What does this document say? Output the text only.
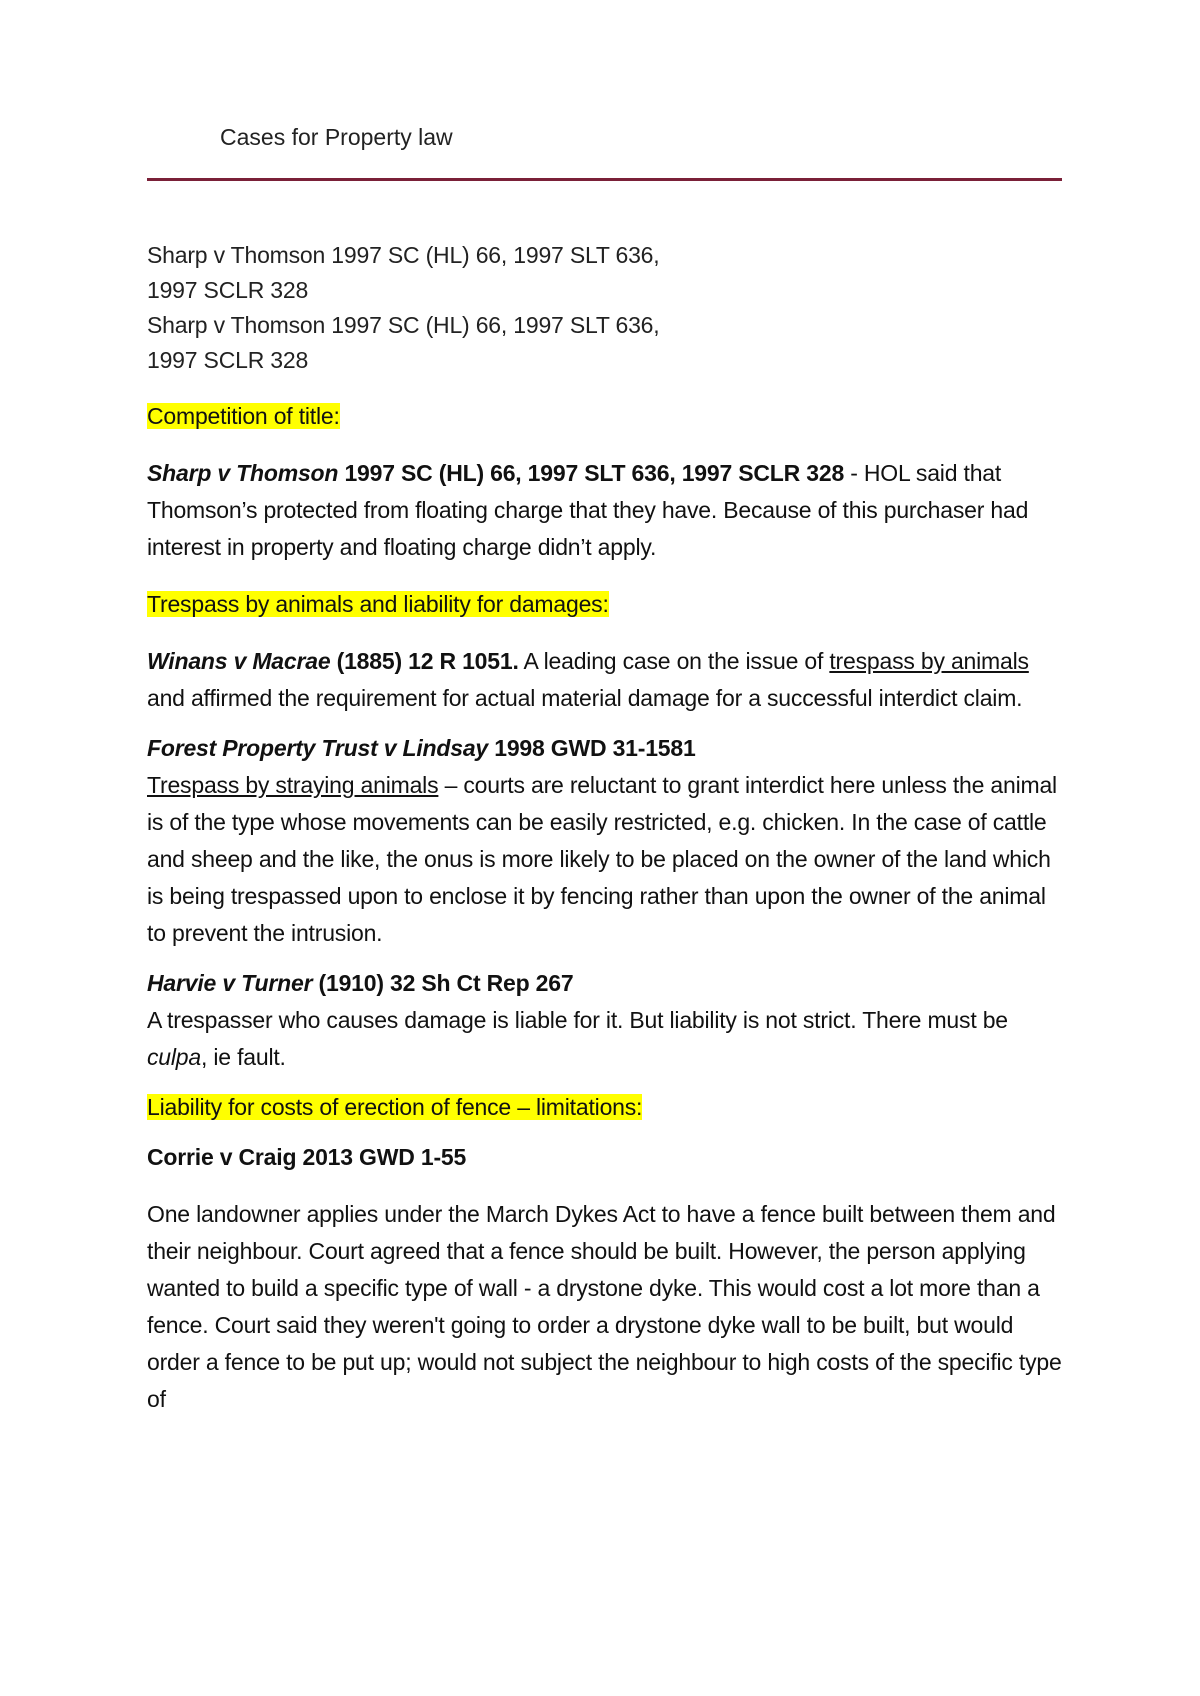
Cases for Property law

Sharp v Thomson 1997 SC (HL) 66, 1997 SLT 636,

1997 SCLR 328

Sharp v Thomson 1997 SC (HL) 66, 1997 SLT 636,

1997 SCLR 328

Competition of title:

Sharp v Thomson 1997 SC (HL) 66, 1997 SLT 636, 1997 SCLR 328 - HOL said that Thomson’s protected from floating charge that they have. Because of this purchaser had interest in property and floating charge didn’t apply.

Trespass by animals and liability for damages:

Winans v Macrae (1885) 12 R 1051. A leading case on the issue of trespass by animals and affirmed the requirement for actual material damage for a successful interdict claim.

Forest Property Trust v Lindsay 1998 GWD 31-1581
Trespass by straying animals – courts are reluctant to grant interdict here unless the animal is of the type whose movements can be easily restricted, e.g. chicken. In the case of cattle and sheep and the like, the onus is more likely to be placed on the owner of the land which is being trespassed upon to enclose it by fencing rather than upon the owner of the animal to prevent the intrusion.

Harvie v Turner (1910) 32 Sh Ct Rep 267
A trespasser who causes damage is liable for it. But liability is not strict. There must be culpa, ie fault.

Liability for costs of erection of fence – limitations:

Corrie v Craig 2013 GWD 1-55

One landowner applies under the March Dykes Act to have a fence built between them and their neighbour. Court agreed that a fence should be built. However, the person applying wanted to build a specific type of wall - a drystone dyke. This would cost a lot more than a fence. Court said they weren't going to order a drystone dyke wall to be built, but would order a fence to be put up; would not subject the neighbour to high costs of the specific type of
